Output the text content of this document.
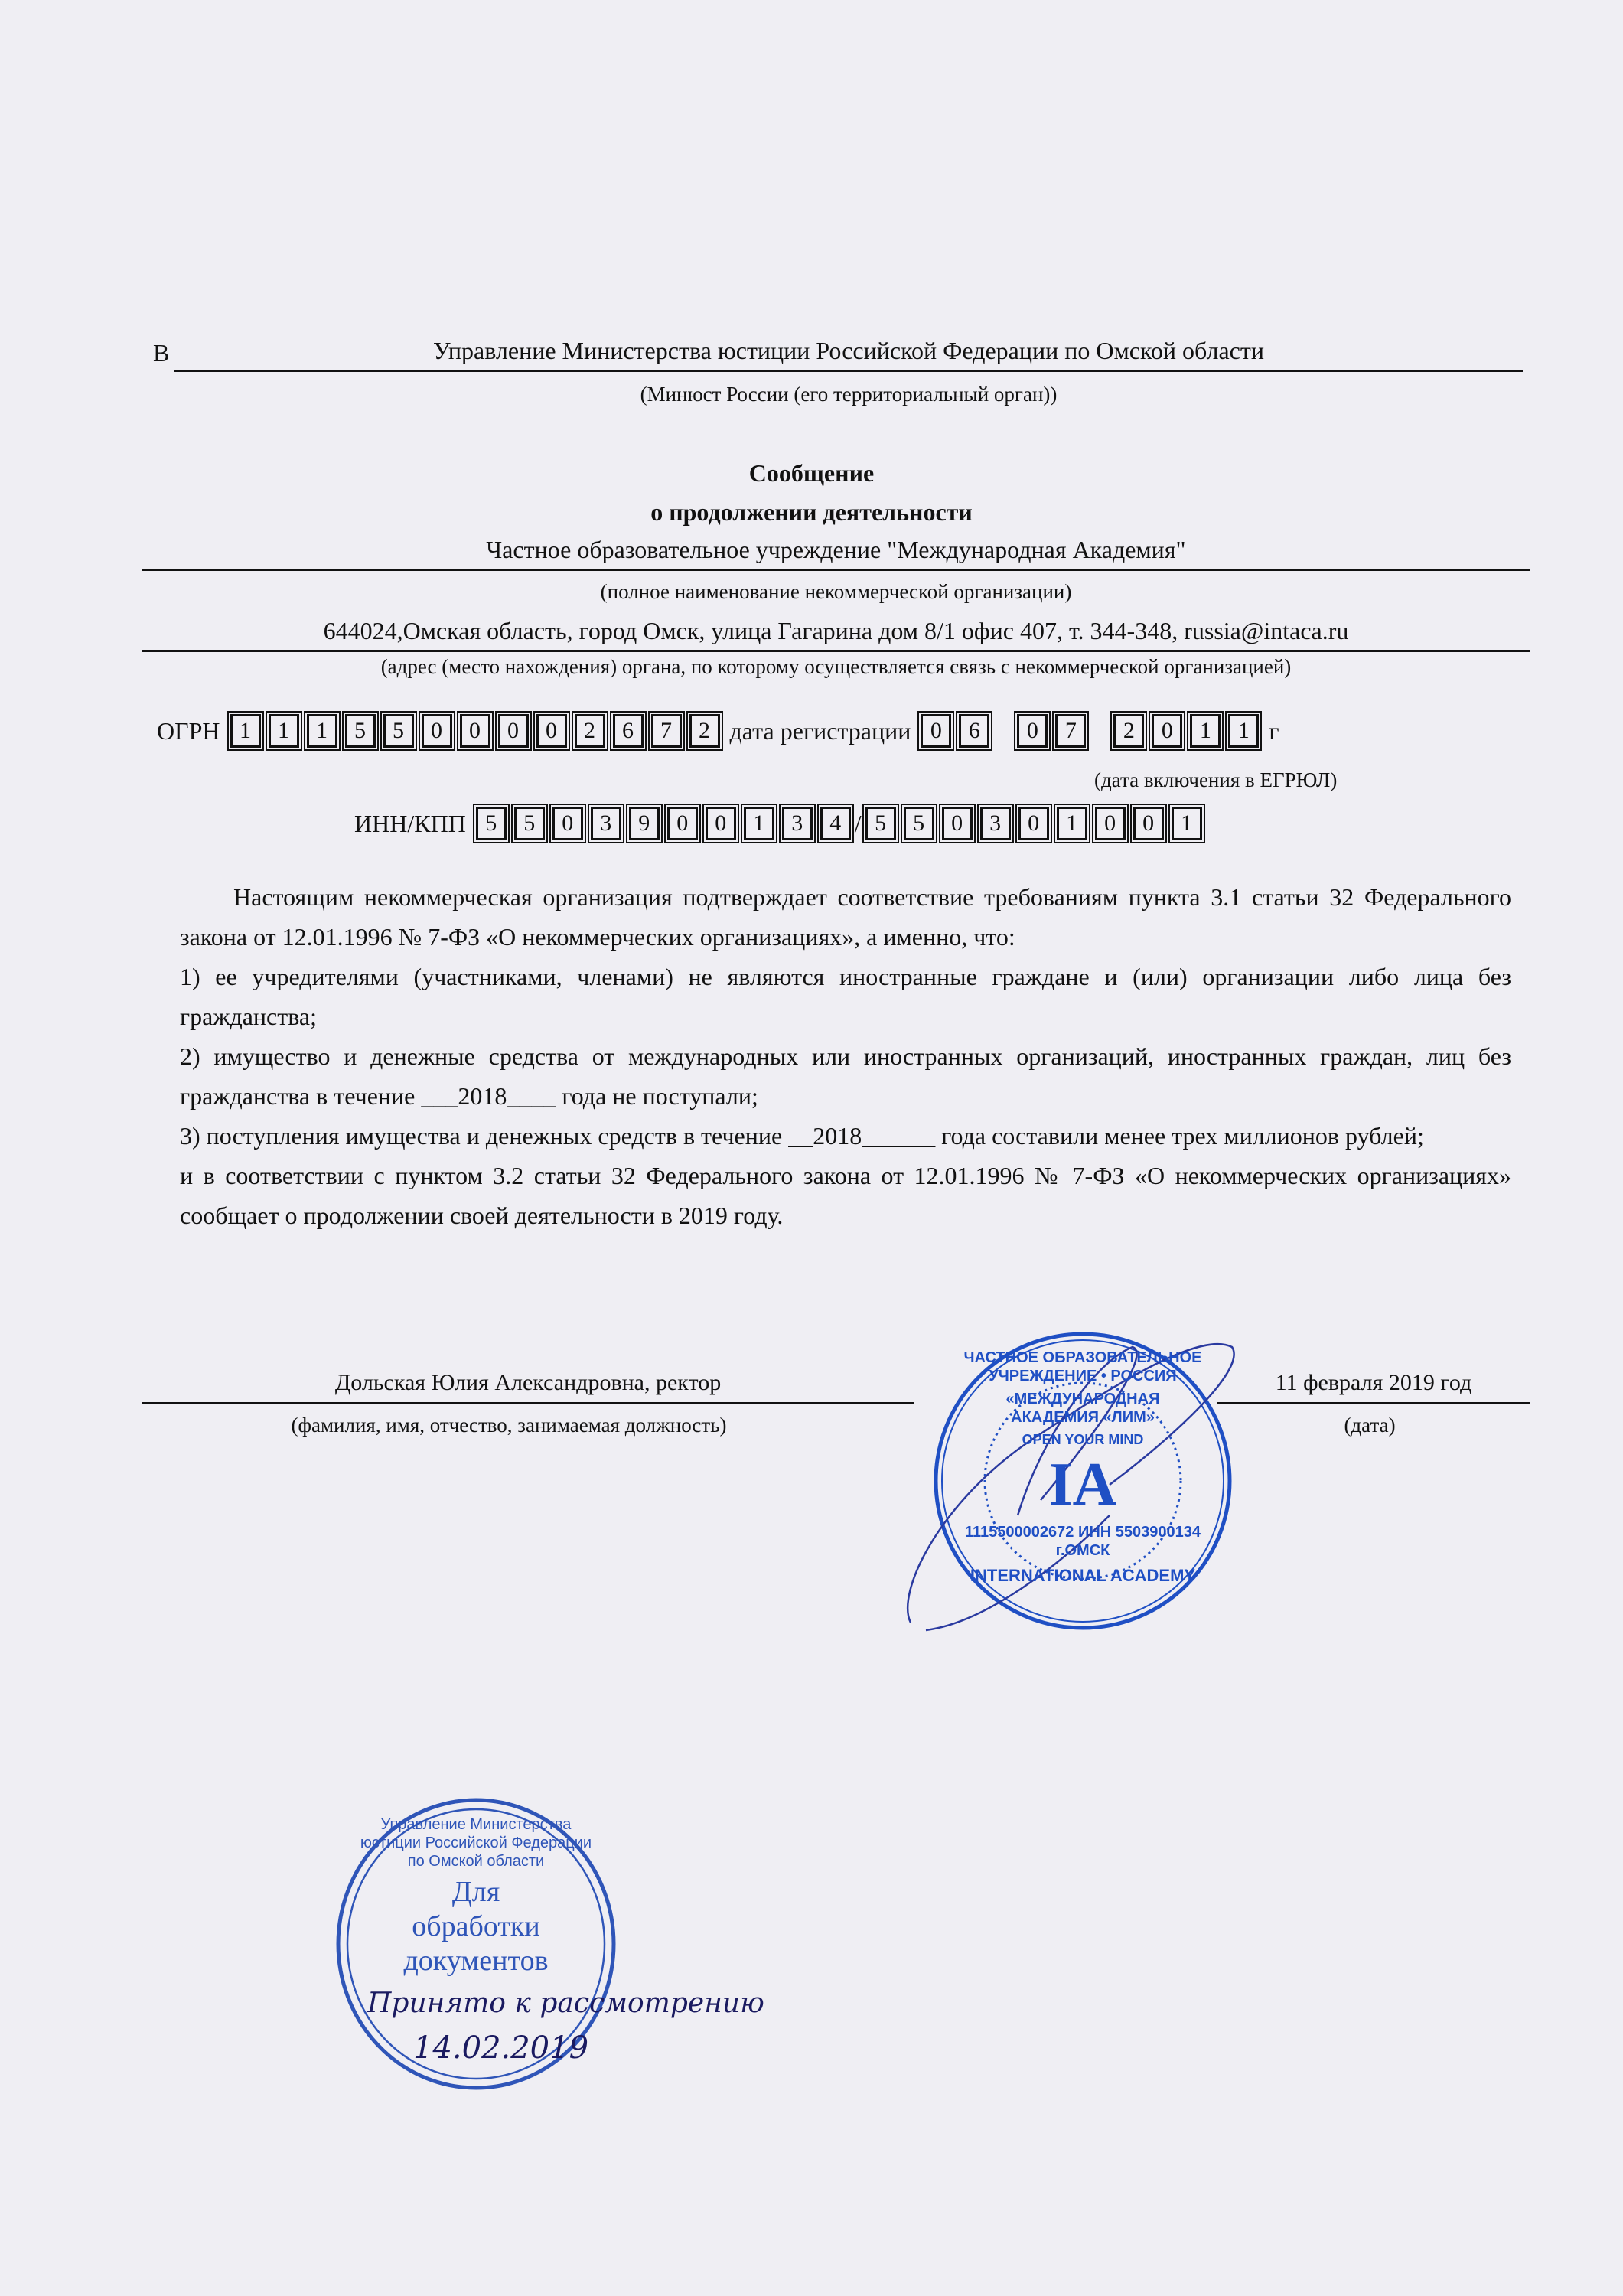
В	Управление Министерства юстиции Российской Федерации по Омской области
(Минюст России (его территориальный орган))
Сообщение
о продолжении деятельности
Частное образовательное учреждение "Международная Академия"
(полное наименование некоммерческой организации)
644024,Омская область, город Омск, улица Гагарина дом 8/1 офис 407, т. 344-348, russia@intaca.ru
(адрес (место нахождения) органа, по которому осуществляется связь с некоммерческой организацией)
ОГРН 1 1 1 5 5 0 0 0 0 2 6 7 2 дата регистрации 0 6	0 7	2 0 1 1 г
(дата включения в ЕГРЮЛ)
ИНН/КПП 5 5 0 3 9 0 0 1 3 4 / 5 5 0 3 0 1 0 0 1

Настоящим некоммерческая организация подтверждает соответствие требованиям пункта 3.1 статьи 32 Федерального закона от 12.01.1996 № 7-ФЗ «О некоммерческих организациях», а именно, что:

1) ее учредителями (участниками, членами) не являются иностранные граждане и (или) организации либо лица без гражданства;

2) имущество и денежные средства от международных или иностранных организаций, иностранных граждан, лиц без гражданства в течение ___2018____ года не поступали;

3) поступления имущества и денежных средств в течение __2018______ года составили менее трех миллионов рублей;

и в соответствии с пунктом 3.2 статьи 32 Федерального закона от 12.01.1996 № 7-ФЗ «О некоммерческих организациях» сообщает о продолжении своей деятельности в 2019 году.

Дольская Юлия Александровна, ректор
(фамилия, имя, отчество, занимаемая должность)
11 февраля 2019 год
(дата)
ЧАСТНОЕ ОБРАЗОВАТЕЛЬНОЕ УЧРЕЖДЕНИЕ • РОССИЯ
«МЕЖДУНАРОДНАЯ АКАДЕМИЯ «ЛИМ»
OPEN YOUR MIND
IA
1115500002672 ИНН 5503900134 г.ОМСК
INTERNATIONAL ACADEMY
Управление Министерства юстиции Российской Федерации по Омской области
Для
обработки
документов
Принято к рассмотрению
14.02.2019
